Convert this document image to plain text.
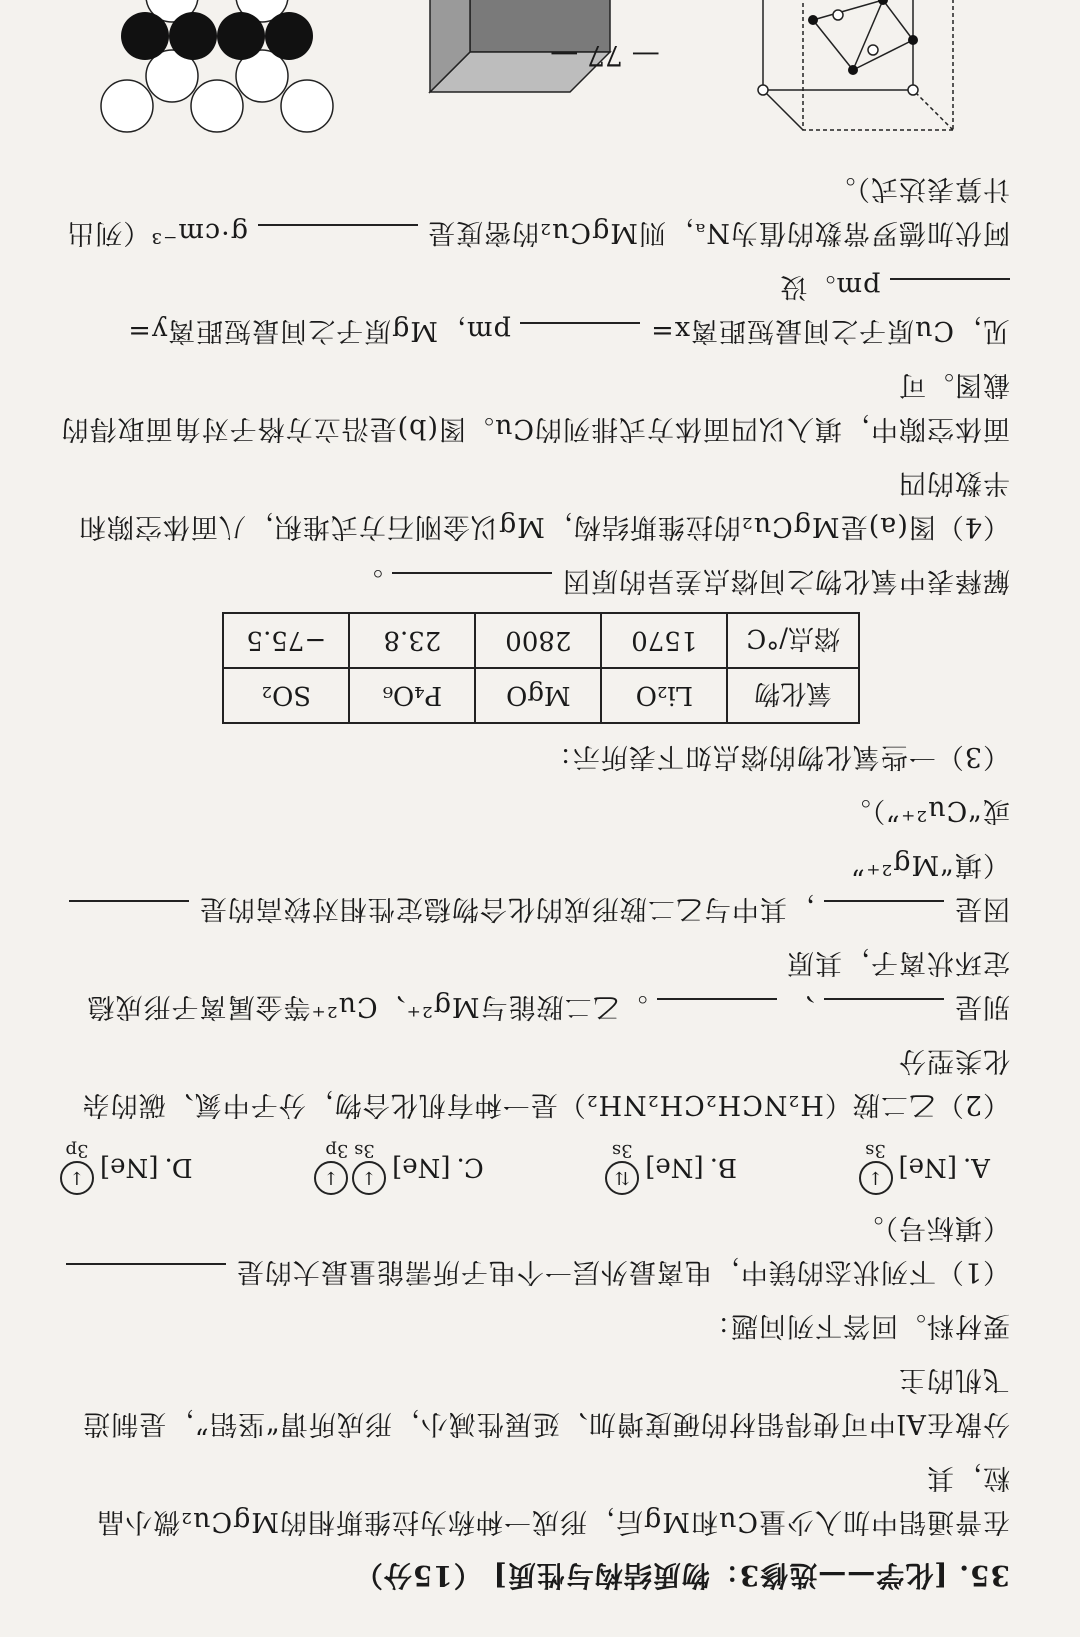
35. [化学——选修3：物质结构与性质] （15分）
在普通铝中加入少量Cu和Mg后，形成一种称为拉维斯相的MgCu₂微小晶粒，其
分散在Al中可使得铝材的硬度增加、延展性减小，形成所谓“坚铝”，是制造飞机的主
要材料。回答下列问题：
（1）下列状态的镁中，电离最外层一个电子所需能量最大的是  （填标号）。
A.
[Ne]
↓
3s
B.
[Ne]
⇅
3s
C.
[Ne]
↓
↓
3s 3p
D.
[Ne]
↓
3p
（2）乙二胺（H₂NCH₂CH₂NH₂）是一种有机化合物，分子中氮、碳的杂化类型分
别是  、  。乙二胺能与Mg²⁺、Cu²⁺等金属离子形成稳定环状离子，其原
因是  ，其中与乙二胺形成的化合物稳定性相对较高的是  （填“Mg²⁺”
或“Cu²⁺”）。
（3）一些氧化物的熔点如下表所示：
氧化物	Li₂O	MgO	P₄O₆	SO₂
熔点/°C	1570	2800	23.8	−75.5
解释表中氧化物之间熔点差异的原因  。
（4）图(a)是MgCu₂的拉维斯结构，Mg以金刚石方式堆积，八面体空隙和半数的四
面体空隙中，填入以四面体方式排列的Cu。图(b)是沿立方格子对角面取得的截图。可
见，Cu原子之间最短距离x=  pm，Mg原子之间最短距离y=  pm。设
阿伏加德罗常数的值为Nₐ，则MgCu₂的密度是  g·cm⁻³（列出计算表达式）。
— 77 —
